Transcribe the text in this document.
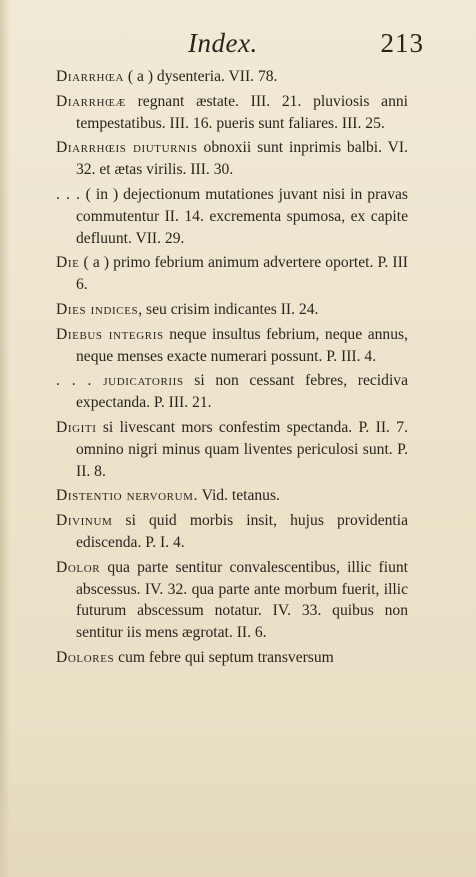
Index.	213

Diarrhœa ( a ) dysenteria. VII. 78.

Diarrhœæ regnant æstate. III. 21. pluviosis anni tempestatibus. III. 16. pueris sunt faliares. III. 25.

Diarrhœis diuturnis obnoxii sunt inprimis balbi. VI. 32. et ætas virilis. III. 30.

. . . ( in ) dejectionum mutationes juvant nisi in pravas commutentur II. 14. excrementa spumosa, ex capite defluunt. VII. 29.

Die ( a ) primo febrium animum advertere oportet. P. III 6.

Dies indices, seu crisim indicantes II. 24.

Diebus integris neque insultus febrium, neque annus, neque menses exacte numerari possunt. P. III. 4.

. . . judicatoriis si non cessant febres, recidiva expectanda. P. III. 21.

Digiti si livescant mors confestim spectanda. P. II. 7. omnino nigri minus quam liventes periculosi sunt. P. II. 8.

Distentio nervorum. Vid. tetanus.

Divinum si quid morbis insit, hujus providentia ediscenda. P. I. 4.

Dolor qua parte sentitur convalescentibus, illic fiunt abscessus. IV. 32. qua parte ante morbum fuerit, illic futurum abscessum notatur. IV. 33. quibus non sentitur iis mens ægrotat. II. 6.

Dolores cum febre qui septum transversum
